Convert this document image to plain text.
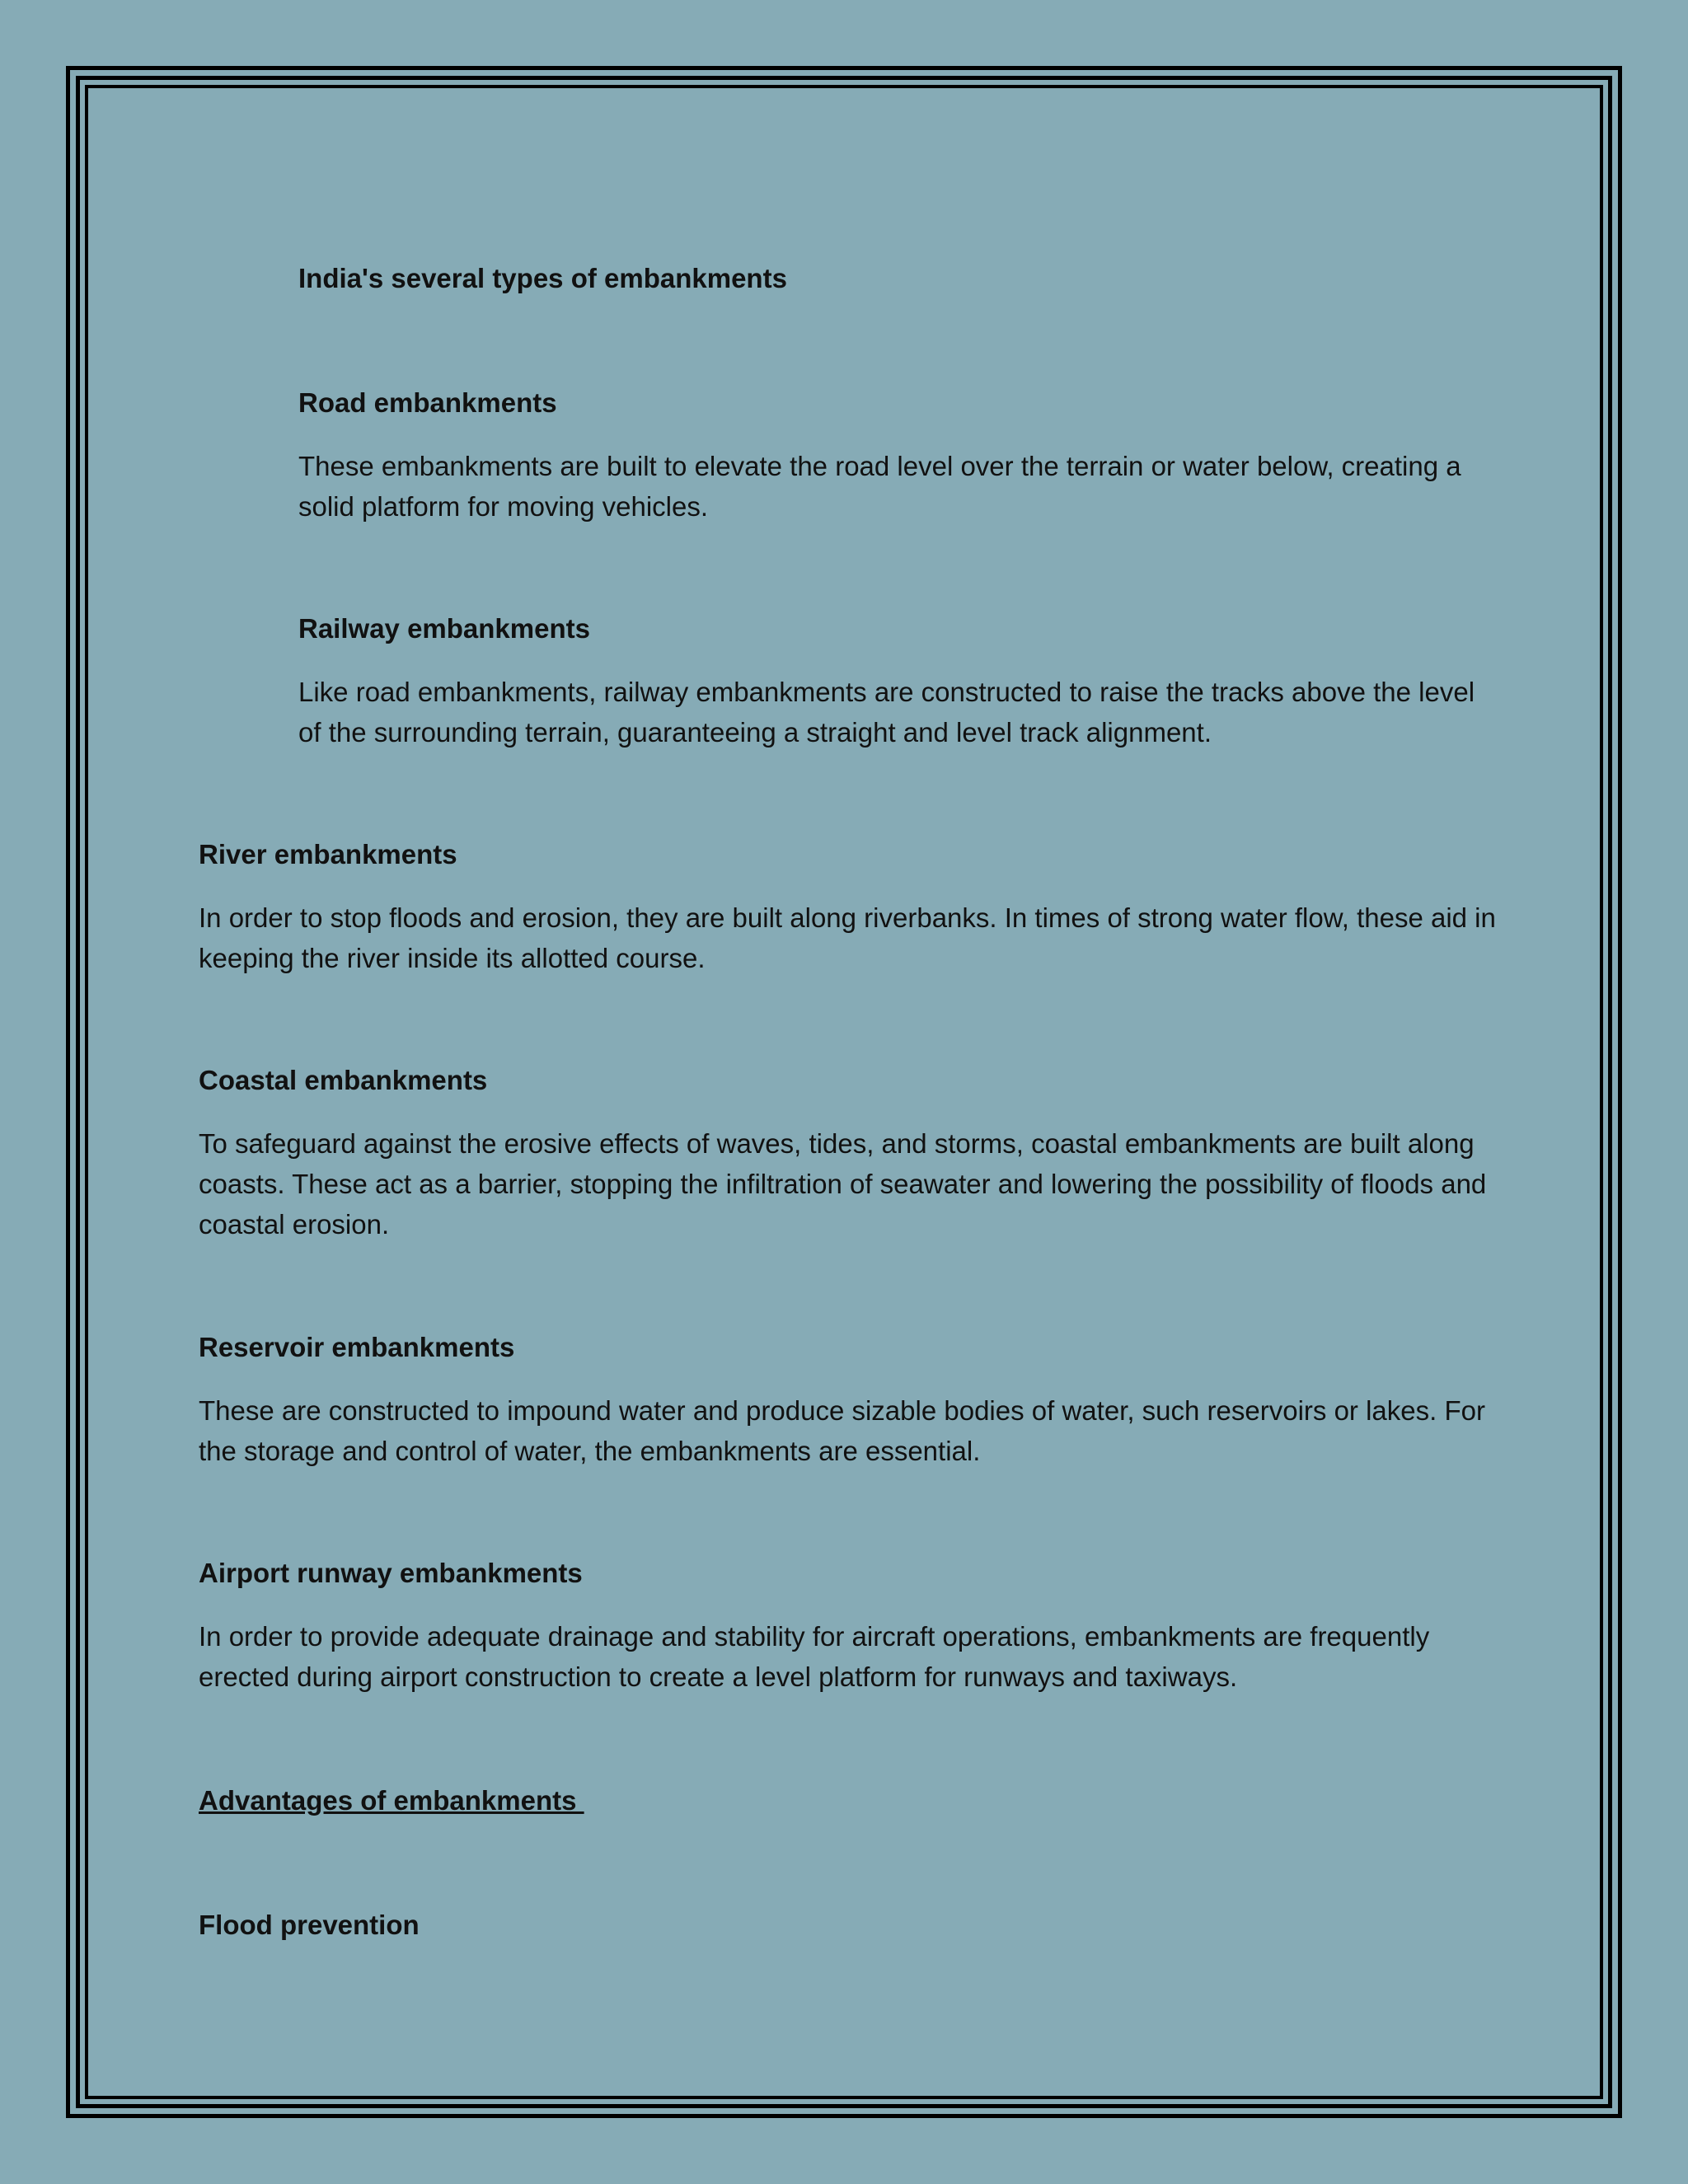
India's several types of embankments
Road embankments
These embankments are built to elevate the road level over the terrain or water below, creating a solid platform for moving vehicles.
Railway embankments
Like road embankments, railway embankments are constructed to raise the tracks above the level of the surrounding terrain, guaranteeing a straight and level track alignment.
River embankments
In order to stop floods and erosion, they are built along riverbanks. In times of strong water flow, these aid in keeping the river inside its allotted course.
Coastal embankments
To safeguard against the erosive effects of waves, tides, and storms, coastal embankments are built along coasts. These act as a barrier, stopping the infiltration of seawater and lowering the possibility of floods and coastal erosion.
Reservoir embankments
These are constructed to impound water and produce sizable bodies of water, such reservoirs or lakes. For the storage and control of water, the embankments are essential.
Airport runway embankments
In order to provide adequate drainage and stability for aircraft operations, embankments are frequently erected during airport construction to create a level platform for runways and taxiways.
Advantages of embankments
Flood prevention
